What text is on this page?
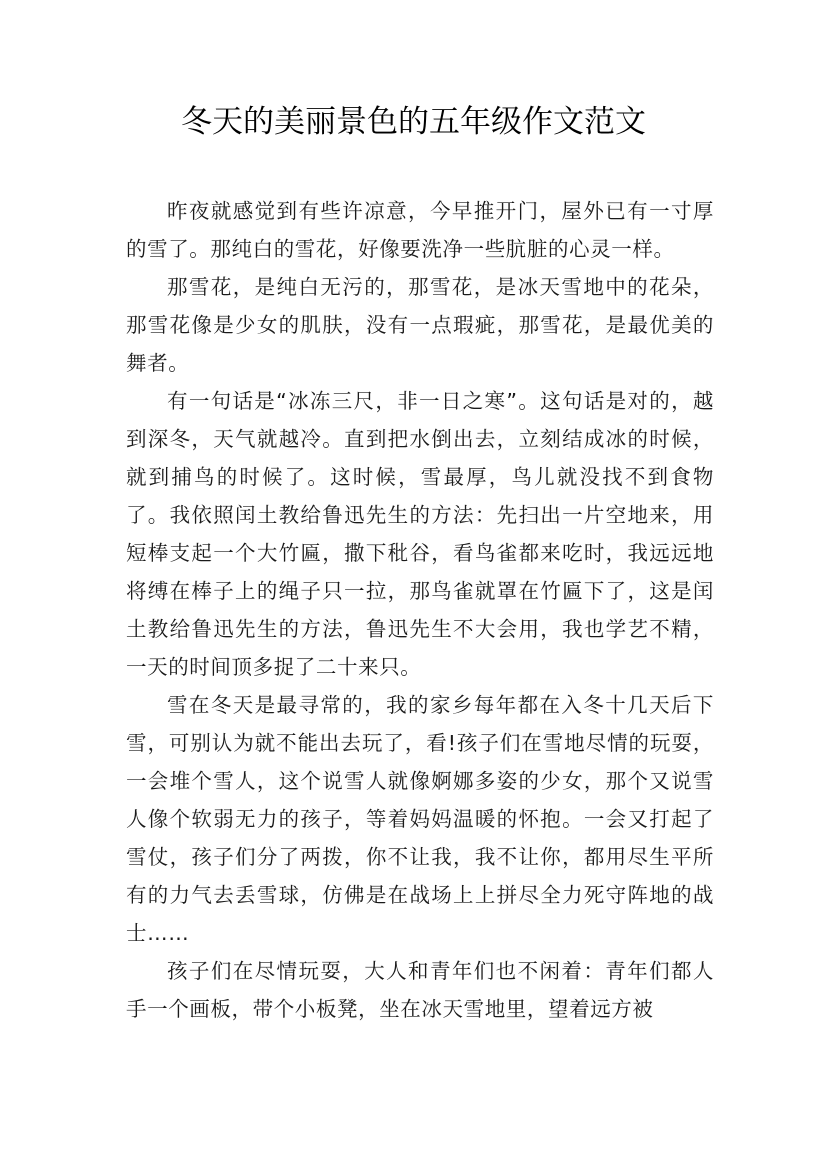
冬天的美丽景色的五年级作文范文

昨夜就感觉到有些许凉意，今早推开门，屋外已有一寸厚的雪了。那纯白的雪花，好像要洗净一些肮脏的心灵一样。

那雪花，是纯白无污的，那雪花，是冰天雪地中的花朵，那雪花像是少女的肌肤，没有一点瑕疵，那雪花，是最优美的舞者。

有一句话是“冰冻三尺，非一日之寒”。这句话是对的，越到深冬，天气就越冷。直到把水倒出去，立刻结成冰的时候，就到捕鸟的时候了。这时候，雪最厚，鸟儿就没找不到食物了。我依照闰土教给鲁迅先生的方法：先扫出一片空地来，用短棒支起一个大竹匾，撒下秕谷，看鸟雀都来吃时，我远远地将缚在棒子上的绳子只一拉，那鸟雀就罩在竹匾下了，这是闰土教给鲁迅先生的方法，鲁迅先生不大会用，我也学艺不精，一天的时间顶多捉了二十来只。

雪在冬天是最寻常的，我的家乡每年都在入冬十几天后下雪，可别认为就不能出去玩了，看!孩子们在雪地尽情的玩耍，一会堆个雪人，这个说雪人就像婀娜多姿的少女，那个又说雪人像个软弱无力的孩子，等着妈妈温暖的怀抱。一会又打起了雪仗，孩子们分了两拨，你不让我，我不让你，都用尽生平所有的力气去丢雪球，仿佛是在战场上上拼尽全力死守阵地的战士……

孩子们在尽情玩耍，大人和青年们也不闲着：青年们都人手一个画板，带个小板凳，坐在冰天雪地里，望着远方被
